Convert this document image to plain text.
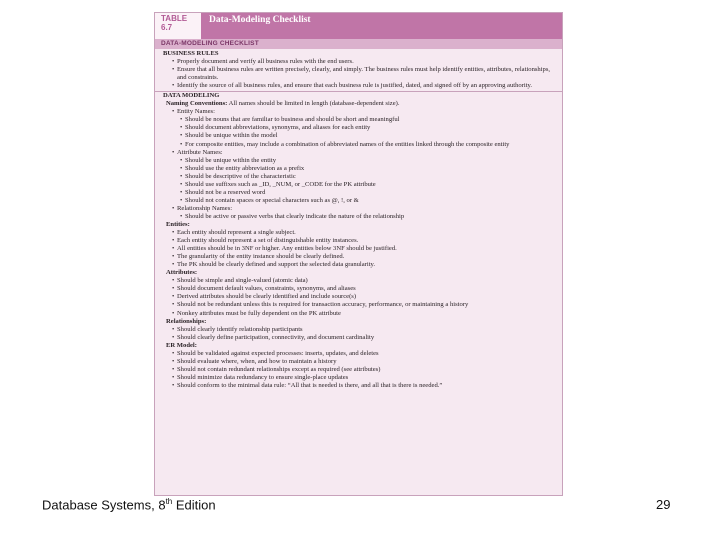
TABLE
6.7
Data-Modeling Checklist
DATA-MODELING CHECKLIST
BUSINESS RULES
• Properly document and verify all business rules with the end users.
• Ensure that all business rules are written precisely, clearly, and simply. The business rules must help identify entities, attributes, relationships, and constraints.
• Identify the source of all business rules, and ensure that each business rule is justified, dated, and signed off by an approving authority.
DATA MODELING
Naming Conventions: All names should be limited in length (database-dependent size).
• Entity Names:
• Should be nouns that are familiar to business and should be short and meaningful
• Should document abbreviations, synonyms, and aliases for each entity
• Should be unique within the model
• For composite entities, may include a combination of abbreviated names of the entities linked through the composite entity
• Attribute Names:
• Should be unique within the entity
• Should use the entity abbreviation as a prefix
• Should be descriptive of the characteristic
• Should use suffixes such as _ID, _NUM, or _CODE for the PK attribute
• Should not be a reserved word
• Should not contain spaces or special characters such as @, !, or &
• Relationship Names:
• Should be active or passive verbs that clearly indicate the nature of the relationship
Entities:
• Each entity should represent a single subject.
• Each entity should represent a set of distinguishable entity instances.
• All entities should be in 3NF or higher. Any entities below 3NF should be justified.
• The granularity of the entity instance should be clearly defined.
• The PK should be clearly defined and support the selected data granularity.
Attributes:
• Should be simple and single-valued (atomic data)
• Should document default values, constraints, synonyms, and aliases
• Derived attributes should be clearly identified and include source(s)
• Should not be redundant unless this is required for transaction accuracy, performance, or maintaining a history
• Nonkey attributes must be fully dependent on the PK attribute
Relationships:
• Should clearly identify relationship participants
• Should clearly define participation, connectivity, and document cardinality
ER Model:
• Should be validated against expected processes: inserts, updates, and deletes
• Should evaluate where, when, and how to maintain a history
• Should not contain redundant relationships except as required (see attributes)
• Should minimize data redundancy to ensure single-place updates
• Should conform to the minimal data rule: “All that is needed is there, and all that is there is needed.”
Database Systems, 8th Edition	29
